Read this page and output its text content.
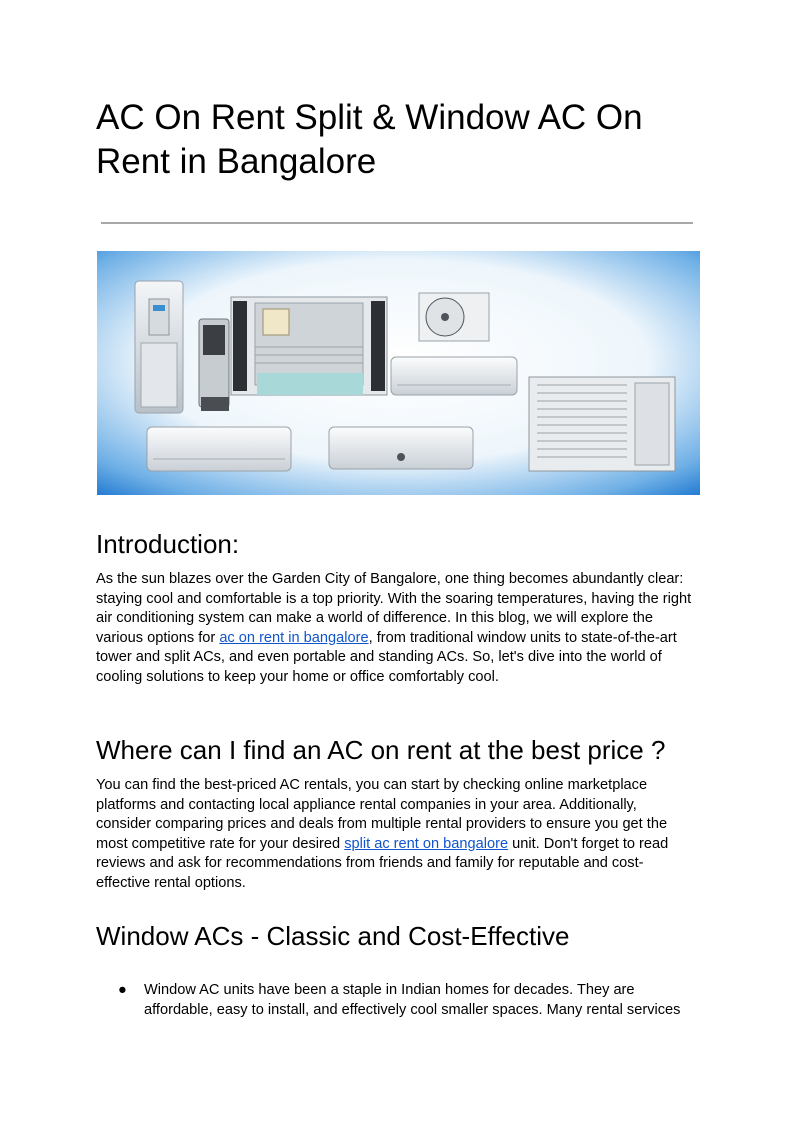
AC On Rent Split & Window AC On Rent in Bangalore
Introduction:

As the sun blazes over the Garden City of Bangalore, one thing becomes abundantly clear: staying cool and comfortable is a top priority. With the soaring temperatures, having the right air conditioning system can make a world of difference. In this blog, we will explore the various options for ac on rent in bangalore, from traditional window units to state-of-the-art tower and split ACs, and even portable and standing ACs. So, let's dive into the world of cooling solutions to keep your home or office comfortably cool.

Where can I find an AC on rent at the best price ?

You can find the best-priced AC rentals, you can start by checking online marketplace platforms and contacting local appliance rental companies in your area. Additionally, consider comparing prices and deals from multiple rental providers to ensure you get the most competitive rate for your desired split ac rent on bangalore unit. Don't forget to read reviews and ask for recommendations from friends and family for reputable and cost-effective rental options.

Window ACs - Classic and Cost-Effective
● Window AC units have been a staple in Indian homes for decades. They are affordable, easy to install, and effectively cool smaller spaces. Many rental services
